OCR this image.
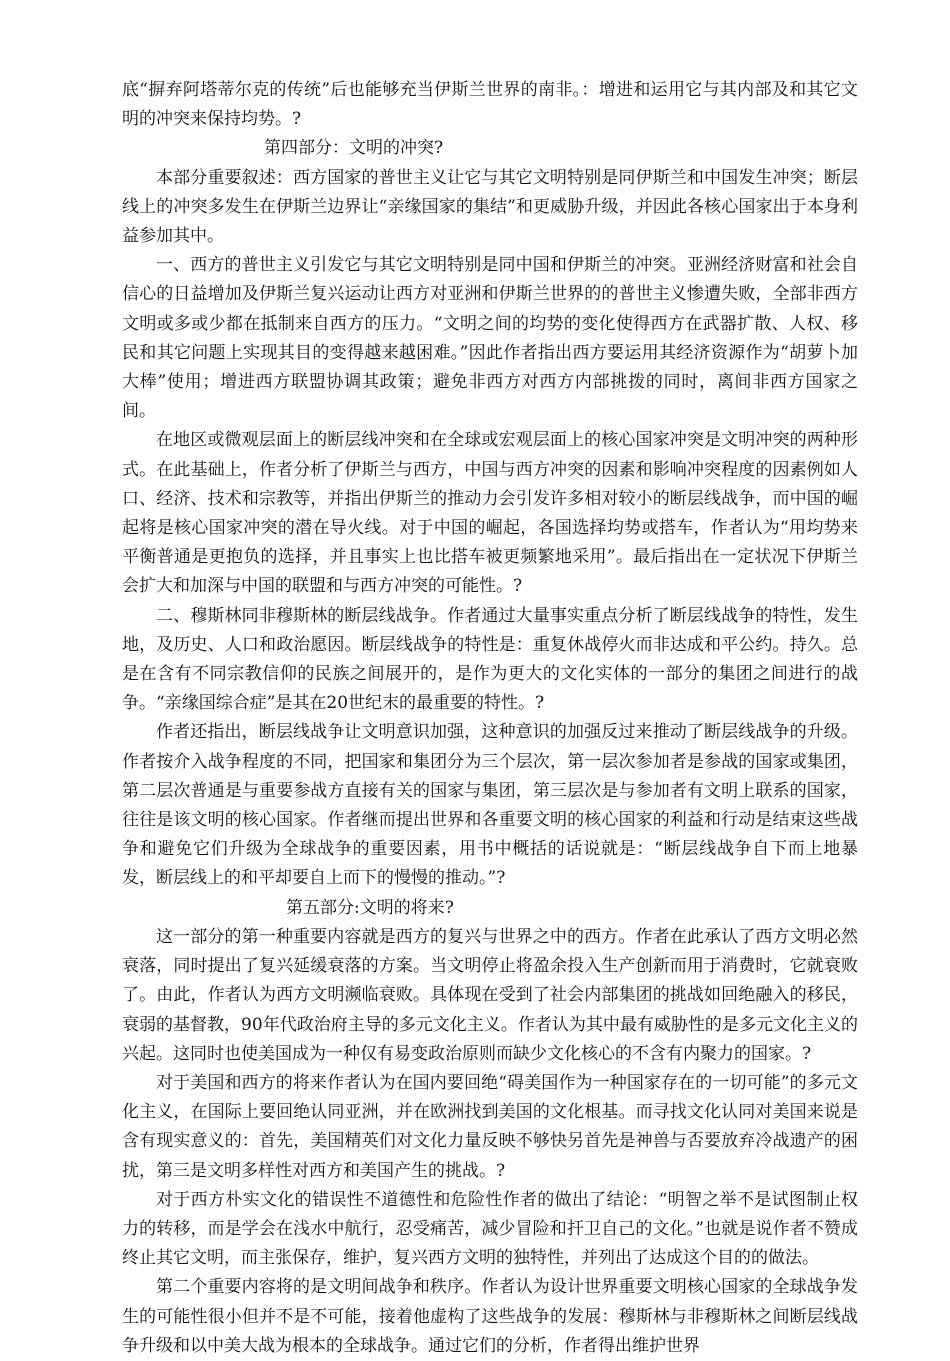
底“摒弃阿塔蒂尔克的传统”后也能够充当伊斯兰世界的南非。：增进和运用它与其内部及和其它文明的冲突来保持均势。?

第四部分：文明的冲突?

本部分重要叙述：西方国家的普世主义让它与其它文明特别是同伊斯兰和中国发生冲突；断层线上的冲突多发生在伊斯兰边界让“亲缘国家的集结”和更威胁升级，并因此各核心国家出于本身利益参加其中。

一、西方的普世主义引发它与其它文明特别是同中国和伊斯兰的冲突。亚洲经济财富和社会自信心的日益增加及伊斯兰复兴运动让西方对亚洲和伊斯兰世界的的普世主义惨遭失败，全部非西方文明或多或少都在抵制来自西方的压力。“文明之间的均势的变化使得西方在武器扩散、人权、移民和其它问题上实现其目的变得越来越困难。”因此作者指出西方要运用其经济资源作为“胡萝卜加大棒”使用；增进西方联盟协调其政策；避免非西方对西方内部挑拨的同时，离间非西方国家之间。

在地区或微观层面上的断层线冲突和在全球或宏观层面上的核心国家冲突是文明冲突的两种形式。在此基础上，作者分析了伊斯兰与西方，中国与西方冲突的因素和影响冲突程度的因素例如人口、经济、技术和宗教等，并指出伊斯兰的推动力会引发许多相对较小的断层线战争，而中国的崛起将是核心国家冲突的潜在导火线。对于中国的崛起，各国选择均势或搭车，作者认为“用均势来平衡普通是更抱负的选择，并且事实上也比搭车被更频繁地采用”。最后指出在一定状况下伊斯兰会扩大和加深与中国的联盟和与西方冲突的可能性。?

二、穆斯林同非穆斯林的断层线战争。作者通过大量事实重点分析了断层线战争的特性，发生地，及历史、人口和政治愿因。断层线战争的特性是：重复休战停火而非达成和平公约。持久。总是在含有不同宗教信仰的民族之间展开的，是作为更大的文化实体的一部分的集团之间进行的战争。“亲缘国综合症”是其在20世纪末的最重要的特性。?

作者还指出，断层线战争让文明意识加强，这种意识的加强反过来推动了断层线战争的升级。作者按介入战争程度的不同，把国家和集团分为三个层次，第一层次参加者是参战的国家或集团，第二层次普通是与重要参战方直接有关的国家与集团，第三层次是与参加者有文明上联系的国家，往往是该文明的核心国家。作者继而提出世界和各重要文明的核心国家的利益和行动是结束这些战争和避免它们升级为全球战争的重要因素，用书中概括的话说就是：“断层线战争自下而上地暴发，断层线上的和平却要自上而下的慢慢的推动。”?

第五部分:文明的将来?

这一部分的第一种重要内容就是西方的复兴与世界之中的西方。作者在此承认了西方文明必然衰落，同时提出了复兴延缓衰落的方案。当文明停止将盈余投入生产创新而用于消费时，它就衰败了。由此，作者认为西方文明濒临衰败。具体现在受到了社会内部集团的挑战如回绝融入的移民，衰弱的基督教，90年代政治府主导的多元文化主义。作者认为其中最有威胁性的是多元文化主义的兴起。这同时也使美国成为一种仅有易变政治原则而缺少文化核心的不含有内聚力的国家。?

对于美国和西方的将来作者认为在国内要回绝“碍美国作为一种国家存在的一切可能”的多元文化主义，在国际上要回绝认同亚洲，并在欧洲找到美国的文化根基。而寻找文化认同对美国来说是含有现实意义的：首先，美国精英们对文化力量反映不够快另首先是神兽与否要放弃冷战遗产的困扰，第三是文明多样性对西方和美国产生的挑战。?

对于西方朴实文化的错误性不道德性和危险性作者的做出了结论：“明智之举不是试图制止权力的转移，而是学会在浅水中航行，忍受痛苦，减少冒险和扞卫自己的文化。”也就是说作者不赞成终止其它文明，而主张保存，维护，复兴西方文明的独特性，并列出了达成这个目的的做法。

第二个重要内容将的是文明间战争和秩序。作者认为设计世界重要文明核心国家的全球战争发生的可能性很小但并不是不可能，接着他虚构了这些战争的发展：穆斯林与非穆斯林之间断层线战争升级和以中美大战为根本的全球战争。通过它们的分析，作者得出维护世界
